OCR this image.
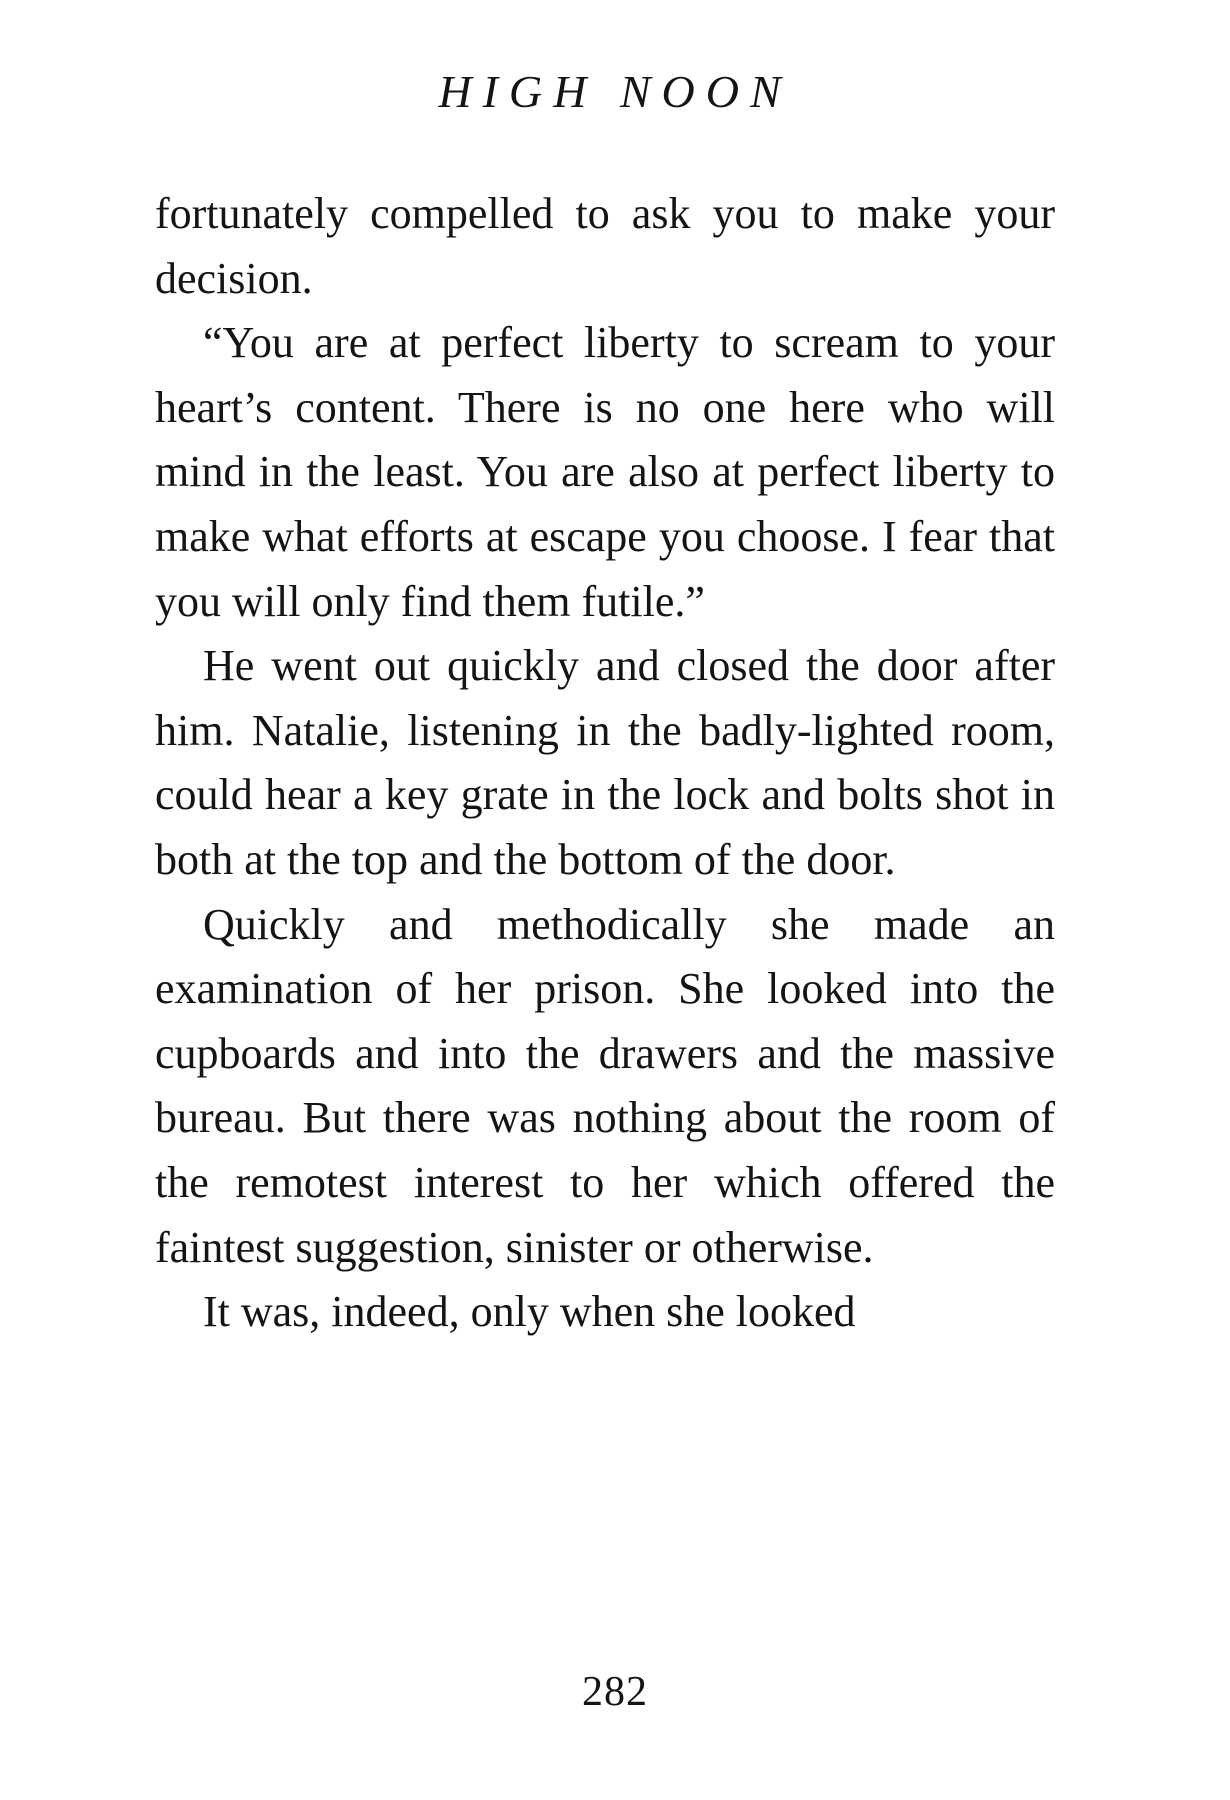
HIGH NOON

fortunately compelled to ask you to make your decision.

“You are at perfect liberty to scream to your heart’s content. There is no one here who will mind in the least. You are also at perfect liberty to make what efforts at escape you choose. I fear that you will only find them futile.”

He went out quickly and closed the door after him. Natalie, listening in the badly-lighted room, could hear a key grate in the lock and bolts shot in both at the top and the bottom of the door.

Quickly and methodically she made an examination of her prison. She looked into the cupboards and into the drawers and the massive bureau. But there was nothing about the room of the remotest interest to her which offered the faintest suggestion, sinister or otherwise.

It was, indeed, only when she looked

282
